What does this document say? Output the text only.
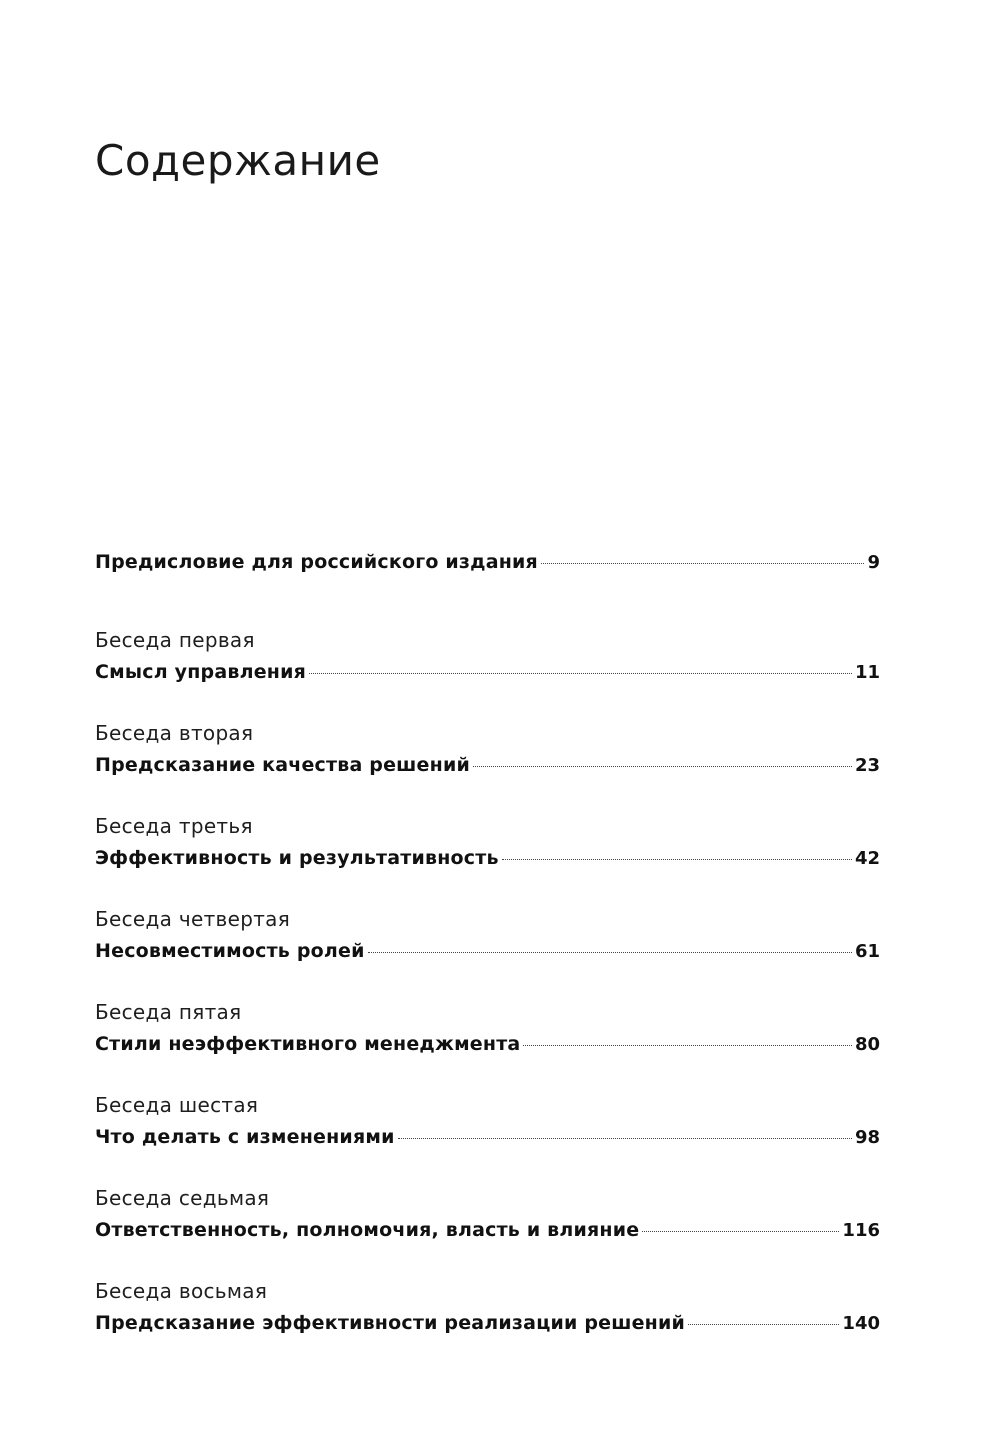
Содержание
Предисловие для российского издания	9
Беседа первая
Смысл управления	11
Беседа вторая
Предсказание качества решений	23
Беседа третья
Эффективность и результативность	42
Беседа четвертая
Несовместимость ролей	61
Беседа пятая
Стили неэффективного менеджмента	80
Беседа шестая
Что делать с изменениями	98
Беседа седьмая
Ответственность, полномочия, власть и влияние	116
Беседа восьмая
Предсказание эффективности реализации решений	140
